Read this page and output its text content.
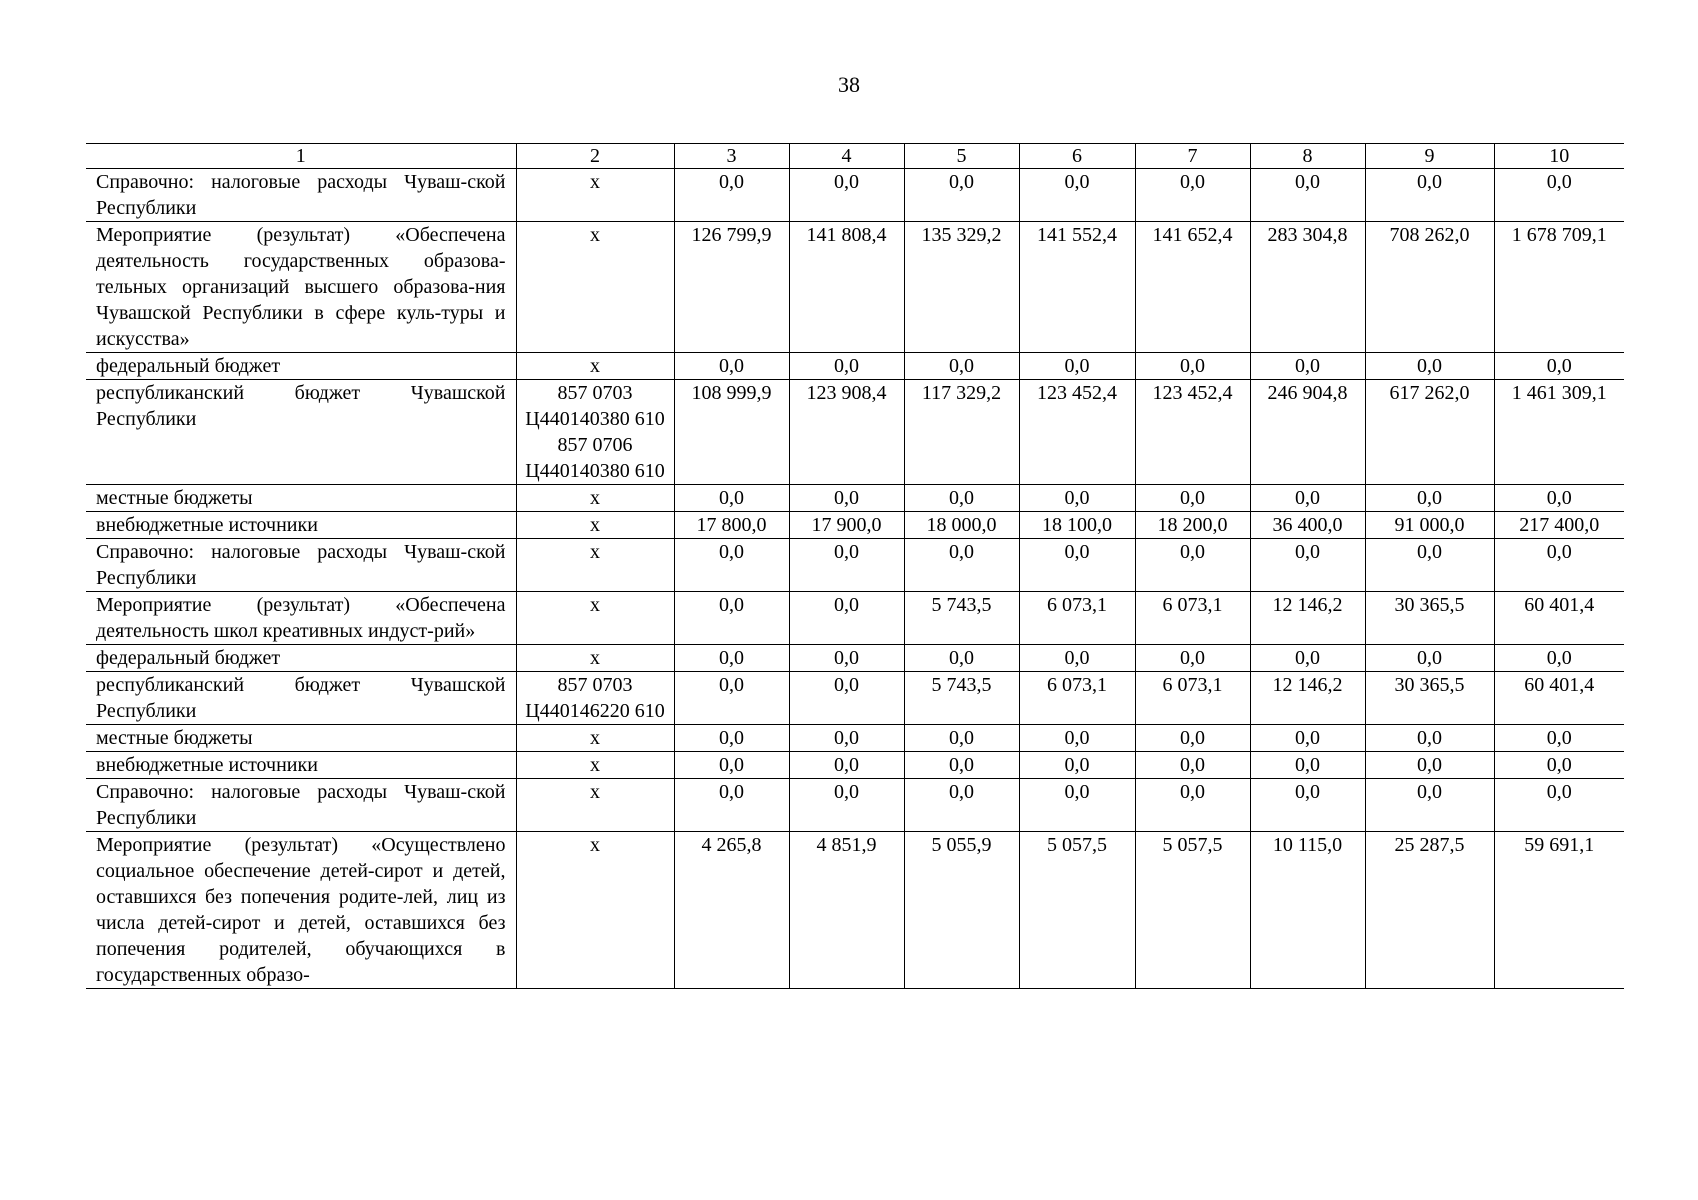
38
1	2	3	4	5	6	7	8	9	10
Справочно: налоговые расходы Чуваш-ской Республики	х	0,0	0,0	0,0	0,0	0,0	0,0	0,0	0,0
Мероприятие (результат) «Обеспечена деятельность государственных образова-тельных организаций высшего образова-ния Чувашской Республики в сфере куль-туры и искусства»	х	126 799,9	141 808,4	135 329,2	141 552,4	141 652,4	283 304,8	708 262,0	1 678 709,1
федеральный бюджет	х	0,0	0,0	0,0	0,0	0,0	0,0	0,0	0,0
республиканский бюджет Чувашской Республики	857 0703 Ц440140380 610 857 0706 Ц440140380 610	108 999,9	123 908,4	117 329,2	123 452,4	123 452,4	246 904,8	617 262,0	1 461 309,1
местные бюджеты	х	0,0	0,0	0,0	0,0	0,0	0,0	0,0	0,0
внебюджетные источники	х	17 800,0	17 900,0	18 000,0	18 100,0	18 200,0	36 400,0	91 000,0	217 400,0
Справочно: налоговые расходы Чуваш-ской Республики	х	0,0	0,0	0,0	0,0	0,0	0,0	0,0	0,0
Мероприятие (результат) «Обеспечена деятельность школ креативных индуст-рий»	х	0,0	0,0	5 743,5	6 073,1	6 073,1	12 146,2	30 365,5	60 401,4
федеральный бюджет	х	0,0	0,0	0,0	0,0	0,0	0,0	0,0	0,0
республиканский бюджет Чувашской Республики	857 0703 Ц440146220 610	0,0	0,0	5 743,5	6 073,1	6 073,1	12 146,2	30 365,5	60 401,4
местные бюджеты	х	0,0	0,0	0,0	0,0	0,0	0,0	0,0	0,0
внебюджетные источники	х	0,0	0,0	0,0	0,0	0,0	0,0	0,0	0,0
Справочно: налоговые расходы Чуваш-ской Республики	х	0,0	0,0	0,0	0,0	0,0	0,0	0,0	0,0
Мероприятие (результат) «Осуществлено социальное обеспечение детей-сирот и детей, оставшихся без попечения родите-лей, лиц из числа детей-сирот и детей, оставшихся без попечения родителей, обучающихся в государственных образо-	х	4 265,8	4 851,9	5 055,9	5 057,5	5 057,5	10 115,0	25 287,5	59 691,1
